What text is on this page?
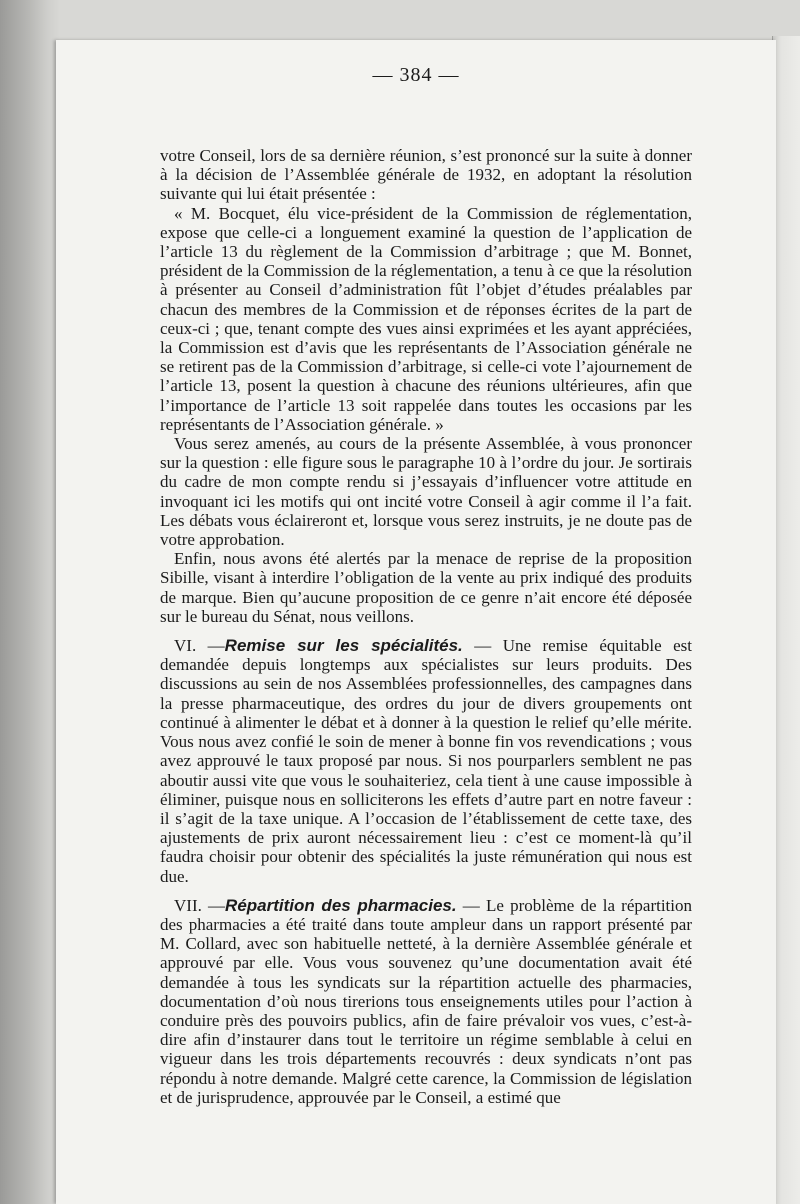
— 384 —

votre Conseil, lors de sa dernière réunion, s’est prononcé sur la suite à donner à la décision de l’Assemblée générale de 1932, en adoptant la résolution suivante qui lui était présentée :

« M. Bocquet, élu vice-président de la Commission de réglementation, expose que celle-ci a longuement examiné la question de l’application de l’article 13 du règlement de la Commission d’arbitrage ; que M. Bonnet, président de la Commission de la réglementation, a tenu à ce que la résolution à présenter au Conseil d’administration fût l’objet d’études préalables par chacun des membres de la Commission et de réponses écrites de la part de ceux-ci ; que, tenant compte des vues ainsi exprimées et les ayant appréciées, la Commission est d’avis que les représentants de l’Association générale ne se retirent pas de la Commission d’arbitrage, si celle-ci vote l’ajournement de l’article 13, posent la question à chacune des réunions ultérieures, afin que l’importance de l’article 13 soit rappelée dans toutes les occasions par les représentants de l’Association générale. »

Vous serez amenés, au cours de la présente Assemblée, à vous prononcer sur la question : elle figure sous le paragraphe 10 à l’ordre du jour. Je sortirais du cadre de mon compte rendu si j’essayais d’influencer votre attitude en invoquant ici les motifs qui ont incité votre Conseil à agir comme il l’a fait. Les débats vous éclaireront et, lorsque vous serez instruits, je ne doute pas de votre approbation.

Enfin, nous avons été alertés par la menace de reprise de la proposition Sibille, visant à interdire l’obligation de la vente au prix indiqué des produits de marque. Bien qu’aucune proposition de ce genre n’ait encore été déposée sur le bureau du Sénat, nous veillons.

VI. —Remise sur les spécialités. — Une remise équitable est demandée depuis longtemps aux spécialistes sur leurs produits. Des discussions au sein de nos Assemblées professionnelles, des campagnes dans la presse pharmaceutique, des ordres du jour de divers groupements ont continué à alimenter le débat et à donner à la question le relief qu’elle mérite. Vous nous avez confié le soin de mener à bonne fin vos revendications ; vous avez approuvé le taux proposé par nous. Si nos pourparlers semblent ne pas aboutir aussi vite que vous le souhaiteriez, cela tient à une cause impossible à éliminer, puisque nous en solliciterons les effets d’autre part en notre faveur : il s’agit de la taxe unique. A l’occasion de l’établissement de cette taxe, des ajustements de prix auront nécessairement lieu : c’est ce moment-là qu’il faudra choisir pour obtenir des spécialités la juste rémunération qui nous est due.

VII. —Répartition des pharmacies. — Le problème de la répartition des pharmacies a été traité dans toute ampleur dans un rapport présenté par M. Collard, avec son habituelle netteté, à la dernière Assemblée générale et approuvé par elle. Vous vous souvenez qu’une documentation avait été demandée à tous les syndicats sur la répartition actuelle des pharmacies, documentation d’où nous tirerions tous enseignements utiles pour l’action à conduire près des pouvoirs publics, afin de faire prévaloir vos vues, c’est-à-dire afin d’instaurer dans tout le territoire un régime semblable à celui en vigueur dans les trois départements recouvrés : deux syndicats n’ont pas répondu à notre demande. Malgré cette carence, la Commission de législation et de jurisprudence, approuvée par le Conseil, a estimé que
